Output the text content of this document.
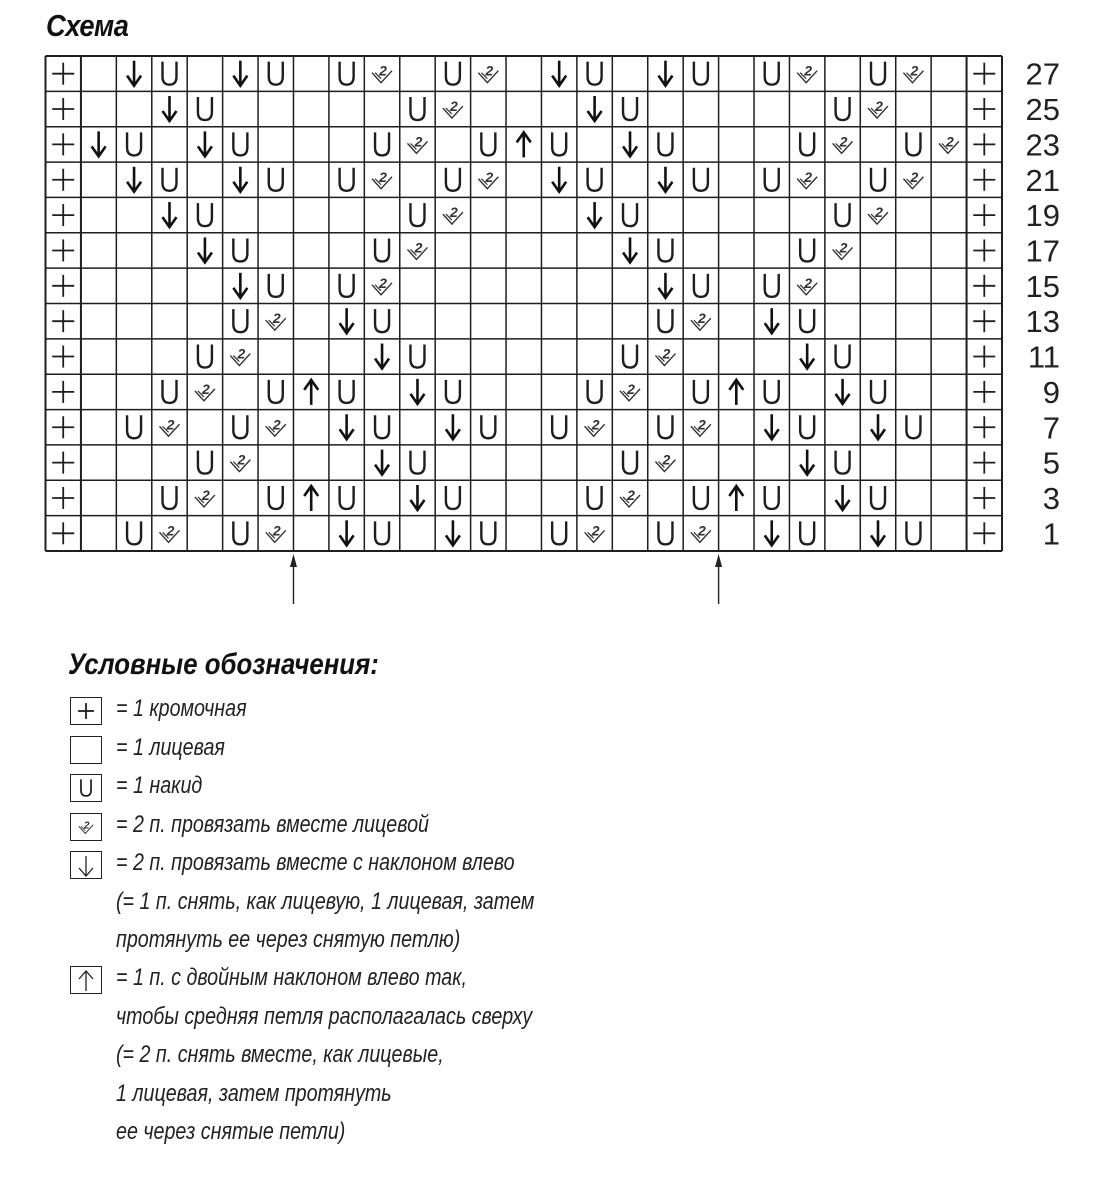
Схема
2	2	2	2
2	2
2	2	2
2	2	2	2
2	2
2	2
2	2
2	2
2	2
2	2
2	2	2	2
2	2
2	2
2	2	2	2
27
25
23
21
19
17
15
13
11
9
7
5
3
1
Условные обозначения:
= 1 кромочная
= 1 лицевая
= 1 накид
2 = 2 п. провязать вместе лицевой
= 2 п. провязать вместе с наклоном влево
(= 1 п. снять, как лицевую, 1 лицевая, затем
протянуть ее через снятую петлю)
= 1 п. с двойным наклоном влево так,
чтобы средняя петля располагалась сверху
(= 2 п. снять вместе, как лицевые,
1 лицевая, затем протянуть
ее через снятые петли)
